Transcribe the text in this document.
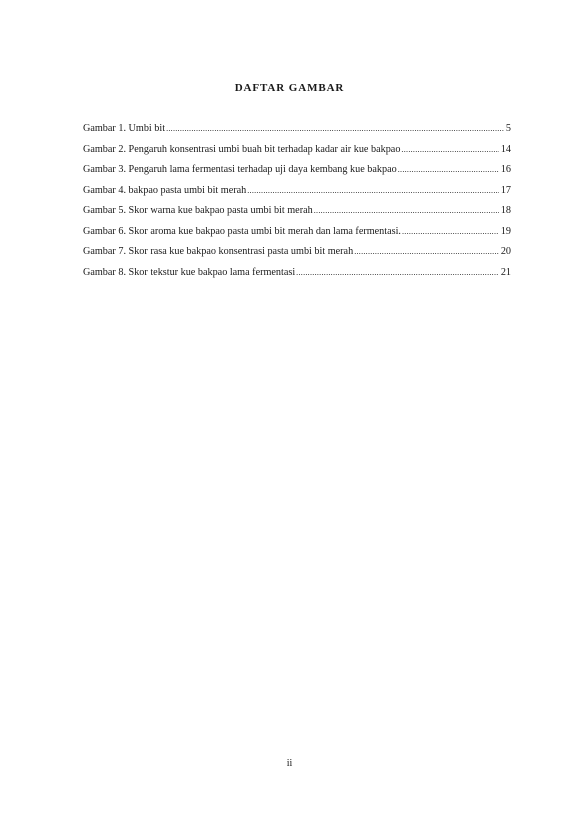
DAFTAR GAMBAR
Gambar 1. Umbi bit .....	5
Gambar 2. Pengaruh konsentrasi umbi buah bit terhadap kadar air kue bakpao .....	14
Gambar 3. Pengaruh lama fermentasi terhadap uji daya kembang kue bakpao .....	16
Gambar 4. bakpao pasta umbi bit merah .....	17
Gambar 5. Skor warna kue bakpao pasta umbi bit merah .....	18
Gambar 6. Skor aroma kue bakpao pasta umbi bit merah dan lama fermentasi. .....	19
Gambar 7. Skor rasa kue bakpao konsentrasi pasta umbi bit merah .....	20
Gambar 8. Skor tekstur kue bakpao lama fermentasi .....	21
ii
